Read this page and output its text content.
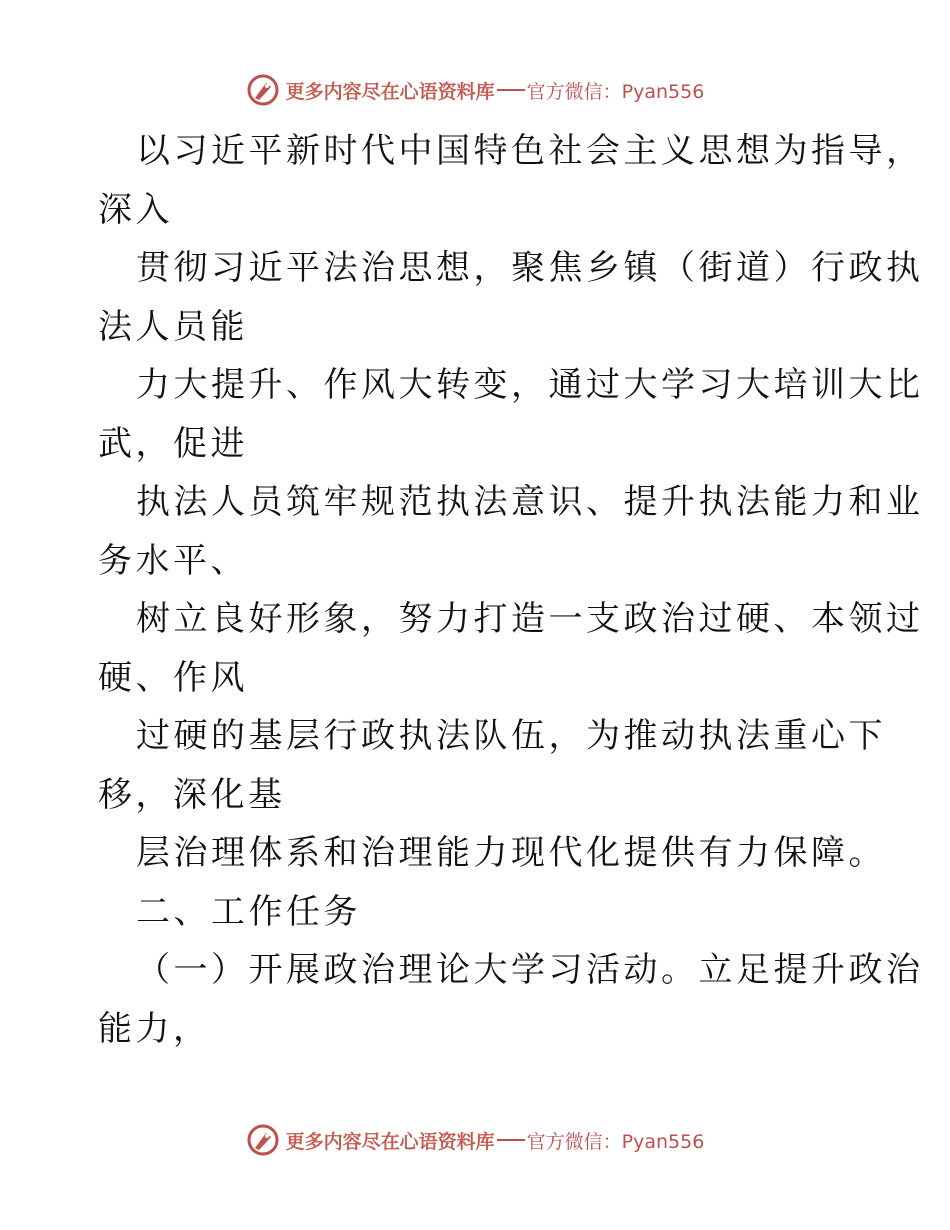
更多内容尽在心语资料库 官方微信：Pyan556
以习近平新时代中国特色社会主义思想为指导，
深入
贯彻习近平法治思想，聚焦乡镇（街道）行政执
法人员能
力大提升、作风大转变，通过大学习大培训大比
武，促进
执法人员筑牢规范执法意识、提升执法能力和业
务水平、
树立良好形象，努力打造一支政治过硬、本领过
硬、作风
过硬的基层行政执法队伍，为推动执法重心下
移，深化基
层治理体系和治理能力现代化提供有力保障。
二、工作任务
（一）开展政治理论大学习活动。立足提升政治
能力，
更多内容尽在心语资料库 官方微信：Pyan556
